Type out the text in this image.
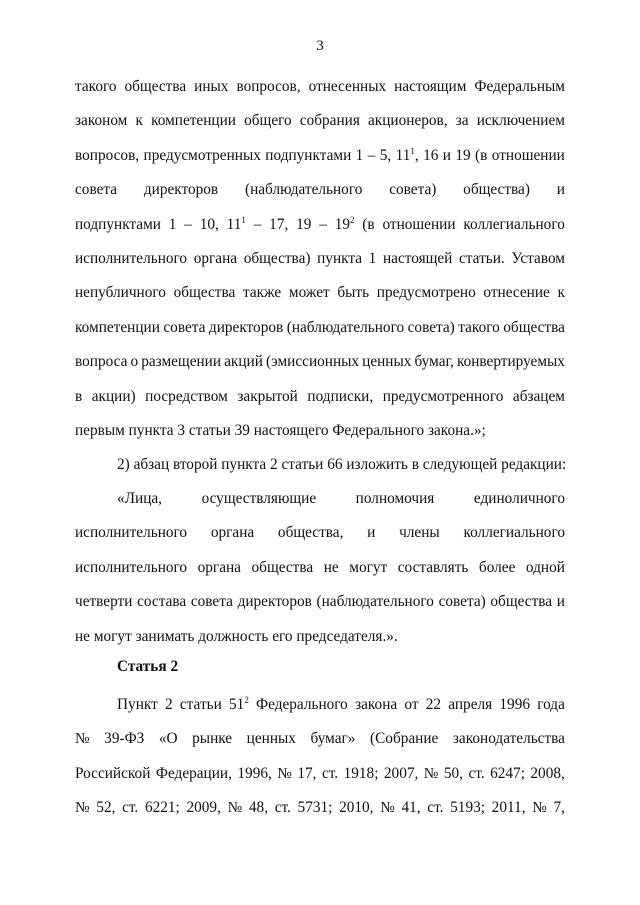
3
такого общества иных вопросов, отнесенных настоящим Федеральным
законом к компетенции общего собрания акционеров, за исключением
вопросов, предусмотренных подпунктами 1 – 5, $11^1$, 16 и 19 (в отношении
совета директоров (наблюдательного совета) общества) и
подпунктами 1 – 10, $11^1 - 17$, $19 - 19^2$ (в отношении коллегиального
исполнительного органа общества) пункта 1 настоящей статьи. Уставом
непубличного общества также может быть предусмотрено отнесение к
компетенции совета директоров (наблюдательного совета) такого общества
вопроса о размещении акций (эмиссионных ценных бумаг, конвертируемых
в акции) посредством закрытой подписки, предусмотренного абзацем
первым
пункта
3
статьи
39
настоящего
Федерального
закона.»;
2) абзац второй пункта 2 статьи 66 изложить в следующей редакции:
«Лица,	осуществляющие	полномочия	единоличного
исполнительного органа общества, и члены коллегиального
исполнительного органа общества не могут составлять более одной
четверти состава совета директоров (наблюдательного совета) общества и
не
могут
занимать
должность
его
председателя.».
Статья 2
Пункт 2 статьи $51^2$ Федерального закона от 22 апреля 1996 года
№ 39-ФЗ «О рынке ценных бумаг» (Собрание законодательства
Российской Федерации, 1996, № 17, ст. 1918; 2007, № 50, ст. 6247; 2008,
№ 52, ст. 6221; 2009, № 48, ст. 5731; 2010, № 41, ст. 5193; 2011, № 7,
